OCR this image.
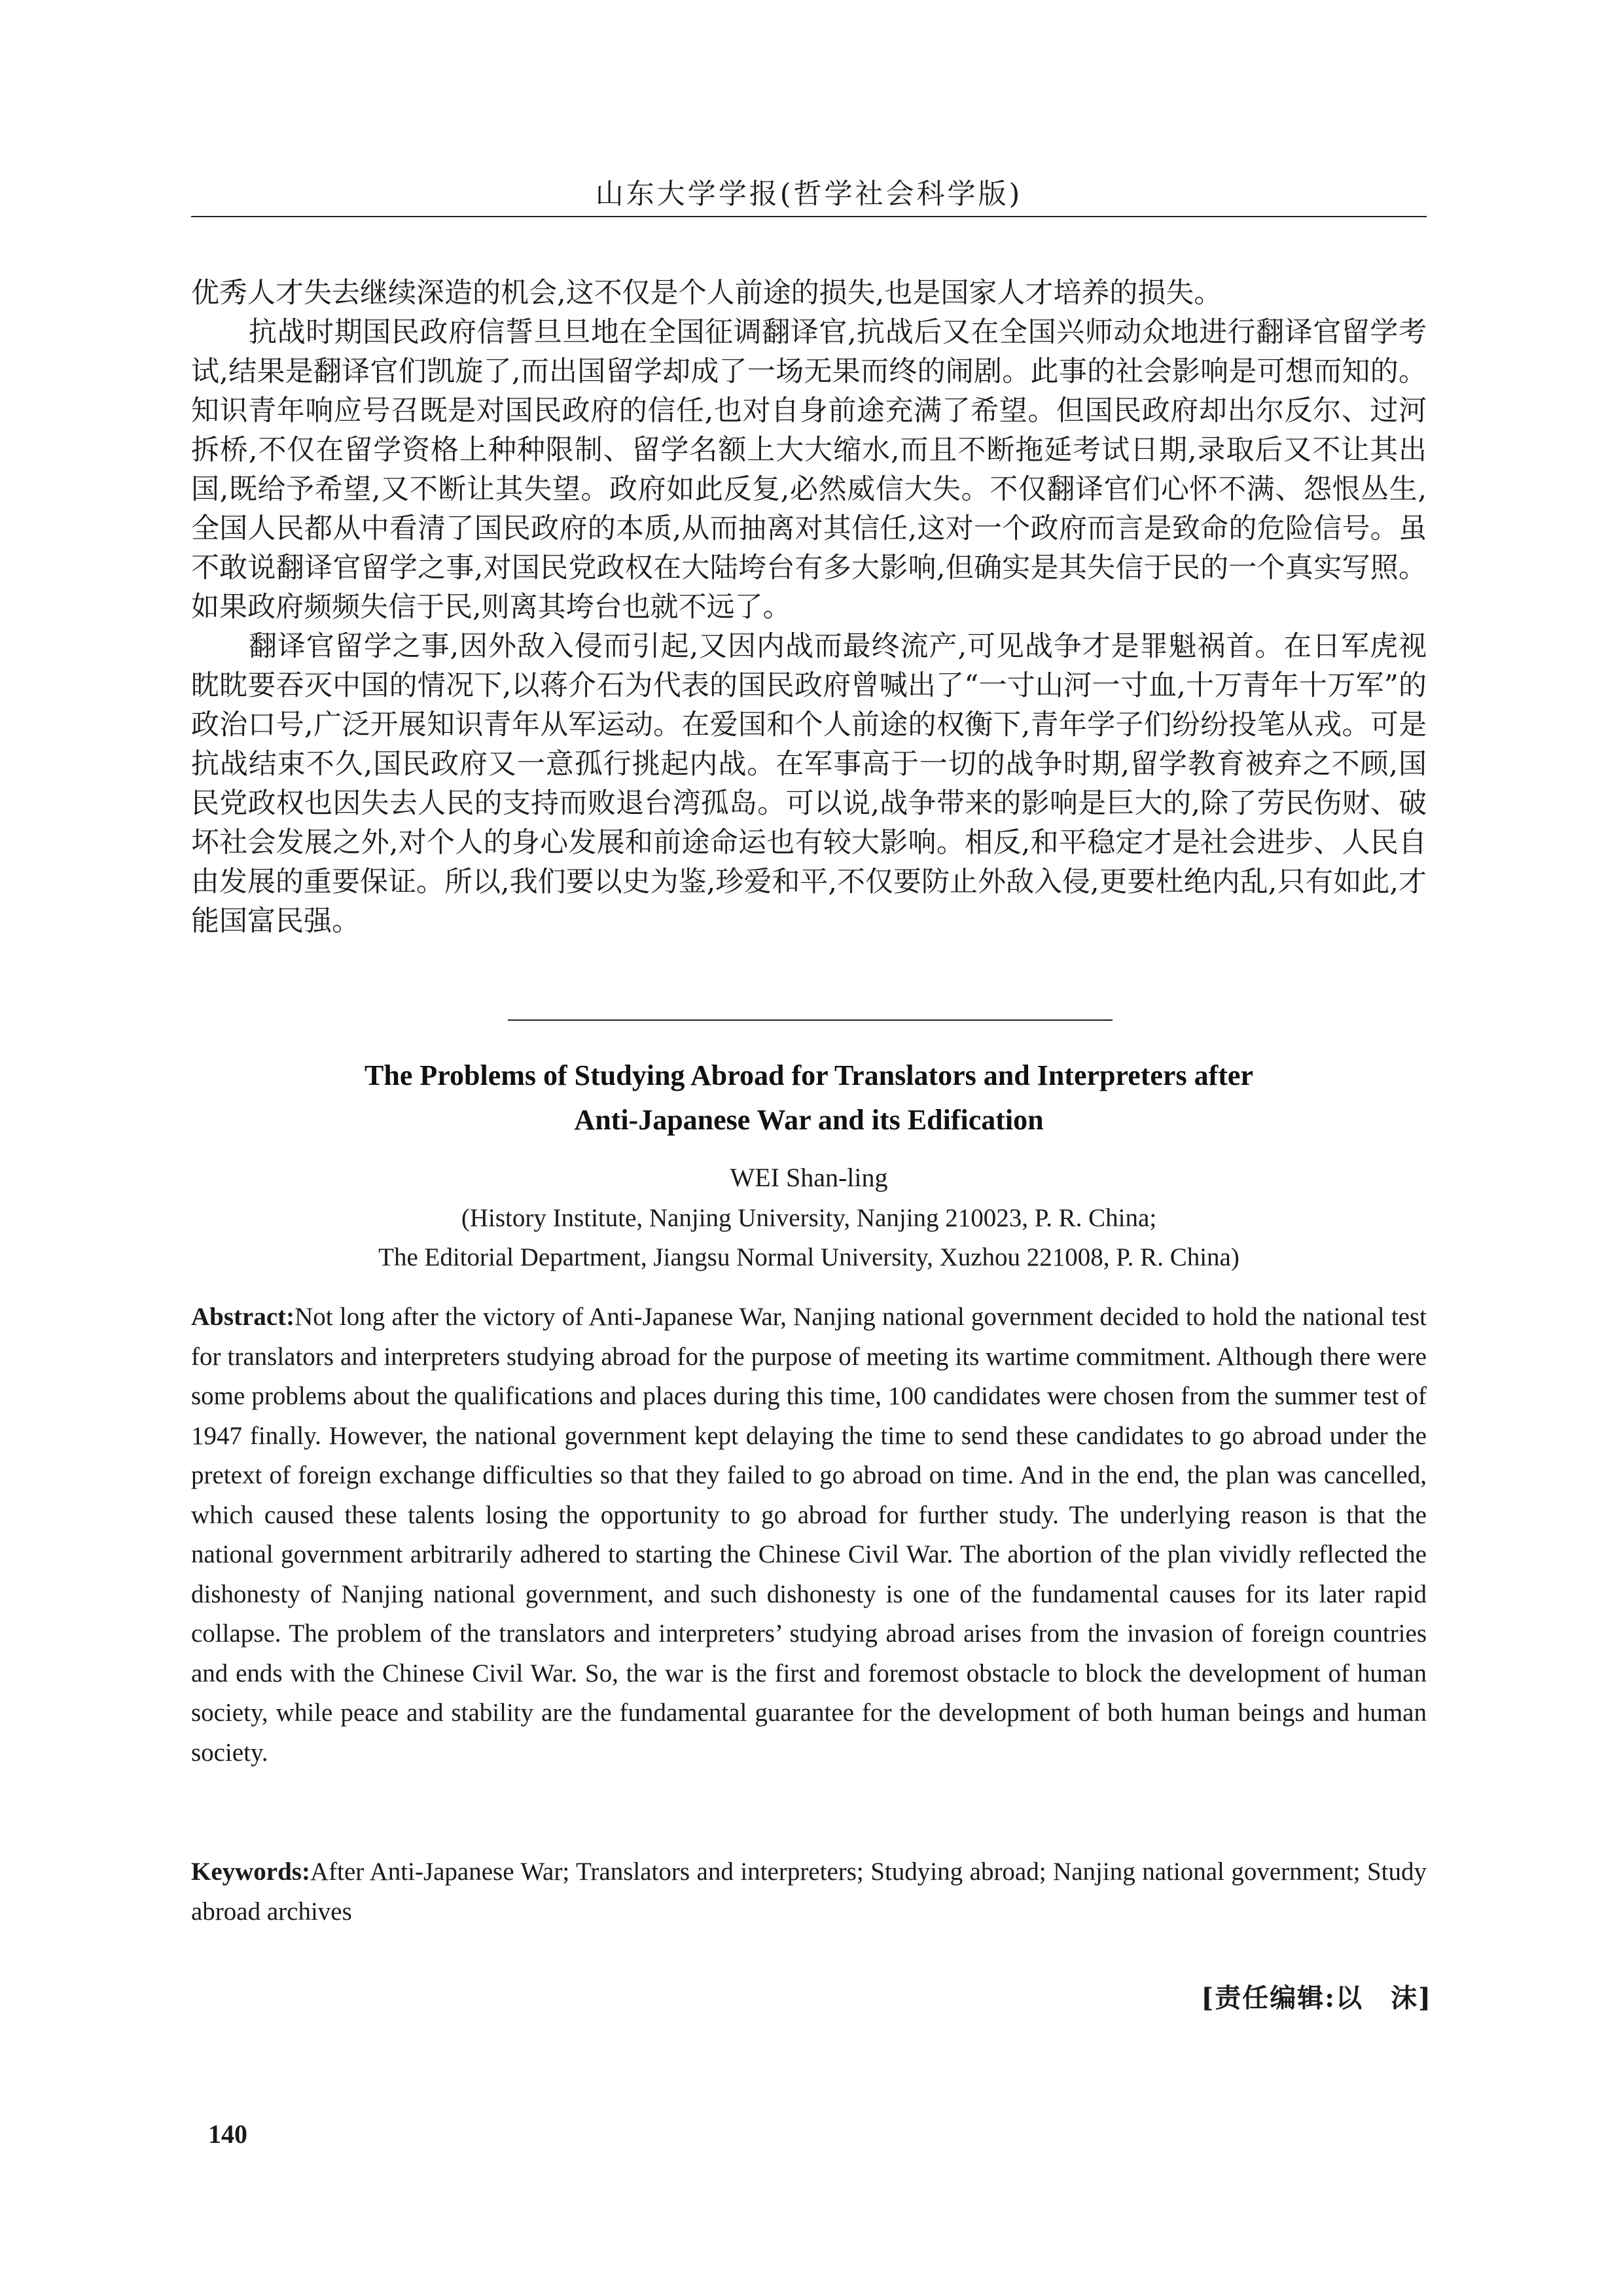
山东大学学报(哲学社会科学版)

优秀人才失去继续深造的机会,这不仅是个人前途的损失,也是国家人才培养的损失。

抗战时期国民政府信誓旦旦地在全国征调翻译官,抗战后又在全国兴师动众地进行翻译官留学考试,结果是翻译官们凯旋了,而出国留学却成了一场无果而终的闹剧。此事的社会影响是可想而知的。知识青年响应号召既是对国民政府的信任,也对自身前途充满了希望。但国民政府却出尔反尔、过河拆桥,不仅在留学资格上种种限制、留学名额上大大缩水,而且不断拖延考试日期,录取后又不让其出国,既给予希望,又不断让其失望。政府如此反复,必然威信大失。不仅翻译官们心怀不满、怨恨丛生,全国人民都从中看清了国民政府的本质,从而抽离对其信任,这对一个政府而言是致命的危险信号。虽不敢说翻译官留学之事,对国民党政权在大陆垮台有多大影响,但确实是其失信于民的一个真实写照。如果政府频频失信于民,则离其垮台也就不远了。

翻译官留学之事,因外敌入侵而引起,又因内战而最终流产,可见战争才是罪魁祸首。在日军虎视眈眈要吞灭中国的情况下,以蒋介石为代表的国民政府曾喊出了“一寸山河一寸血,十万青年十万军”的政治口号,广泛开展知识青年从军运动。在爱国和个人前途的权衡下,青年学子们纷纷投笔从戎。可是抗战结束不久,国民政府又一意孤行挑起内战。在军事高于一切的战争时期,留学教育被弃之不顾,国民党政权也因失去人民的支持而败退台湾孤岛。可以说,战争带来的影响是巨大的,除了劳民伤财、破坏社会发展之外,对个人的身心发展和前途命运也有较大影响。相反,和平稳定才是社会进步、人民自由发展的重要保证。所以,我们要以史为鉴,珍爱和平,不仅要防止外敌入侵,更要杜绝内乱,只有如此,才能国富民强。

The Problems of Studying Abroad for Translators and Interpreters after
Anti-Japanese War and its Edification
WEI Shan-ling
(History Institute, Nanjing University, Nanjing 210023, P. R. China;
The Editorial Department, Jiangsu Normal University, Xuzhou 221008, P. R. China)
Abstract:Not long after the victory of Anti-Japanese War, Nanjing national government decided to hold the national test for translators and interpreters studying abroad for the purpose of meeting its wartime commitment. Although there were some problems about the qualifications and places during this time, 100 candidates were chosen from the summer test of 1947 finally. However, the national government kept delaying the time to send these candidates to go abroad under the pretext of foreign exchange difficulties so that they failed to go abroad on time. And in the end, the plan was cancelled, which caused these talents losing the opportunity to go abroad for further study. The underlying reason is that the national government arbitrarily adhered to starting the Chinese Civil War. The abortion of the plan vividly reflected the dishonesty of Nanjing national government, and such dishonesty is one of the fundamental causes for its later rapid collapse. The problem of the translators and interpreters’ studying abroad arises from the invasion of foreign countries and ends with the Chinese Civil War. So, the war is the first and foremost obstacle to block the development of human society, while peace and stability are the fundamental guarantee for the development of both human beings and human society.
Keywords:After Anti-Japanese War; Translators and interpreters; Studying abroad; Nanjing national government; Study abroad archives
[责任编辑:以　沫]
140
